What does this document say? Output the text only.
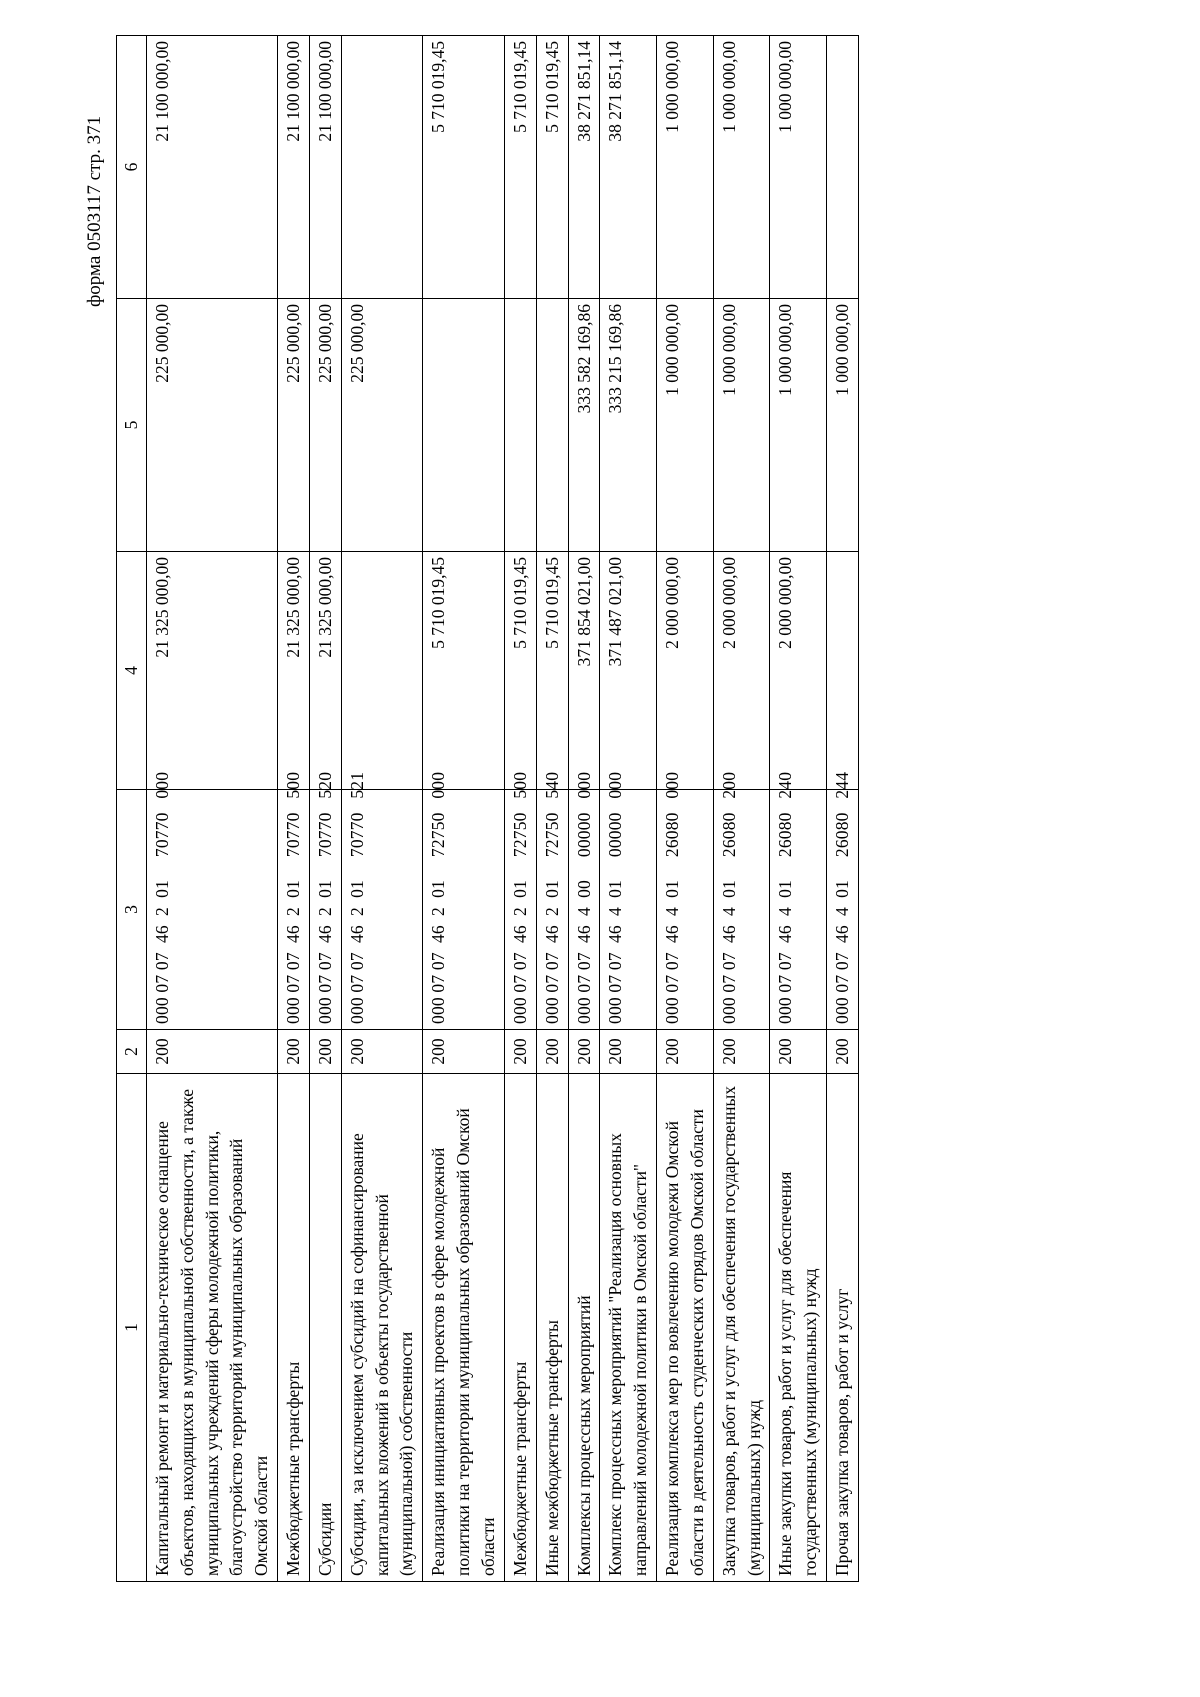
форма 0503117 стр. 371
1	2	3	4	5	6
Капитальный ремонт и материально-техническое оснащение объектов, находящихся в муниципальной собственности, а также муниципальных учреждений сферы молодежной политики, благоустройство территорий муниципальных образований Омской области	200	000 07 07  46  2  01     70770   000	21 325 000,00	225 000,00	21 100 000,00
Межбюджетные трансферты	200	000 07 07  46  2  01     70770   500	21 325 000,00	225 000,00	21 100 000,00
Субсидии	200	000 07 07  46  2  01     70770   520	21 325 000,00	225 000,00	21 100 000,00
Субсидии, за исключением субсидий на софинансирование капитальных вложений в объекты государственной (муниципальной) собственности	200	000 07 07  46  2  01     70770   521		225 000,00	
Реализация инициативных проектов в сфере молодежной политики на территории муниципальных образований Омской области	200	000 07 07  46  2  01     72750   000	5 710 019,45		5 710 019,45
Межбюджетные трансферты	200	000 07 07  46  2  01     72750   500	5 710 019,45		5 710 019,45
Иные межбюджетные трансферты	200	000 07 07  46  2  01     72750   540	5 710 019,45		5 710 019,45
Комплексы процессных мероприятий	200	000 07 07  46  4  00     00000   000	371 854 021,00	333 582 169,86	38 271 851,14
Комплекс процессных мероприятий "Реализация основных направлений молодежной политики в Омской области"	200	000 07 07  46  4  01     00000   000	371 487 021,00	333 215 169,86	38 271 851,14
Реализация комплекса мер по вовлечению молодежи Омской области в деятельность студенческих отрядов Омской области	200	000 07 07  46  4  01     26080   000	2 000 000,00	1 000 000,00	1 000 000,00
Закупка товаров, работ и услуг для обеспечения государственных (муниципальных) нужд	200	000 07 07  46  4  01     26080   200	2 000 000,00	1 000 000,00	1 000 000,00
Иные закупки товаров, работ и услуг для обеспечения государственных (муниципальных) нужд	200	000 07 07  46  4  01     26080   240	2 000 000,00	1 000 000,00	1 000 000,00
Прочая закупка товаров, работ и услуг	200	000 07 07  46  4  01     26080   244		1 000 000,00	
